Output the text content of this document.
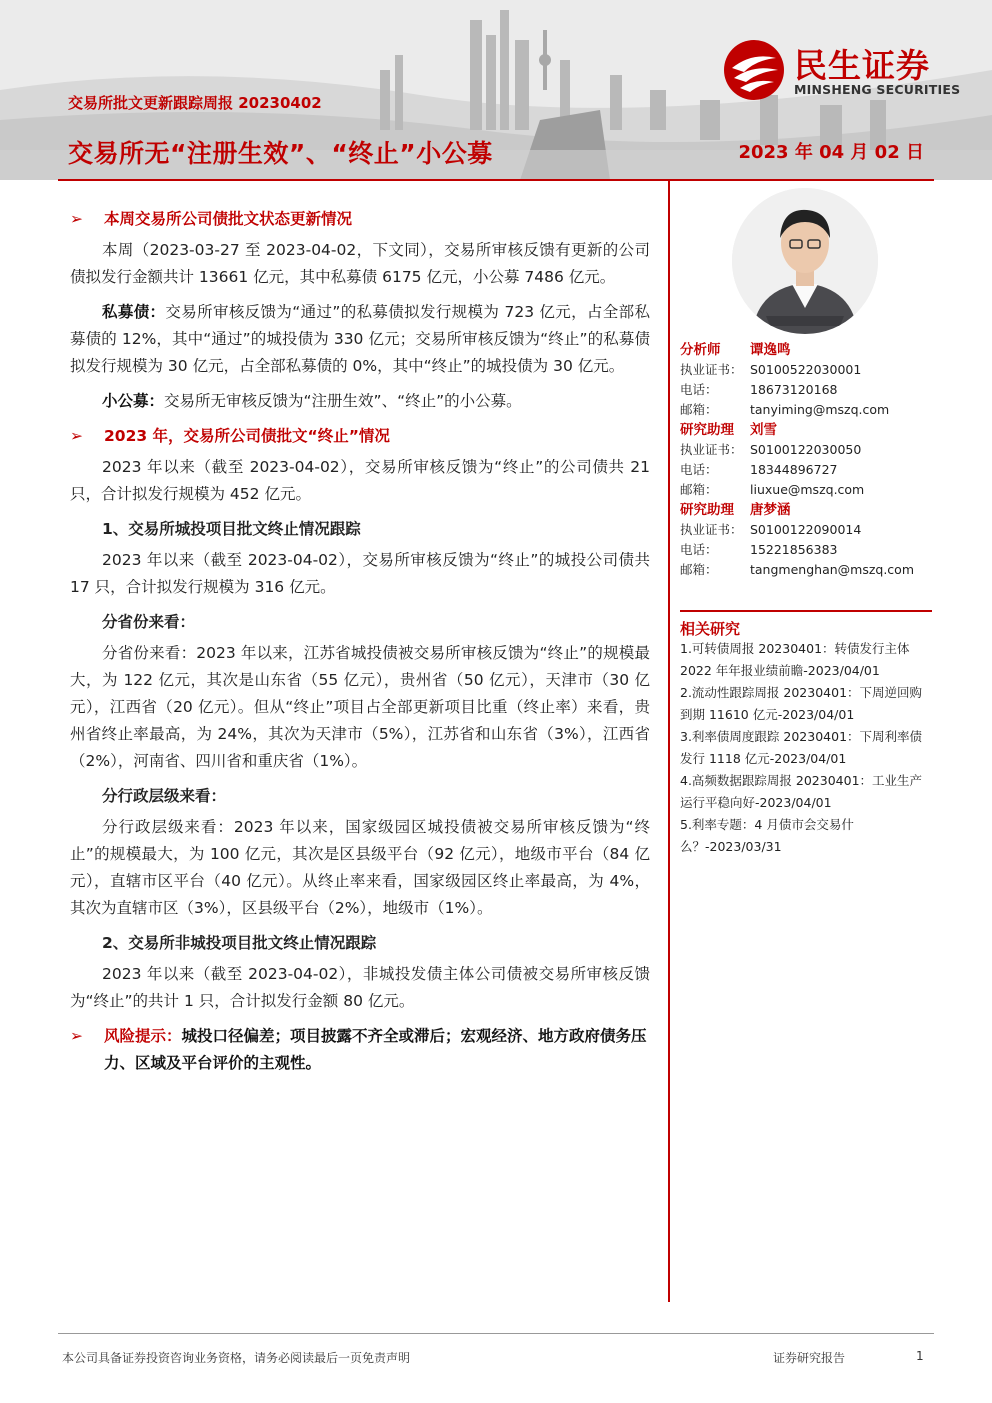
交易所批文更新跟踪周报 20230402
交易所无“注册生效”、“终止”小公募	2023 年 04 月 02 日
民生证券
MINSHENG SECURITIES
➢ 本周交易所公司债批文状态更新情况
本周（2023-03-27 至 2023-04-02，下文同），交易所审核反馈有更新的公司债拟发行金额共计 13661 亿元，其中私募债 6175 亿元，小公募 7486 亿元。
私募债：交易所审核反馈为“通过”的私募债拟发行规模为 723 亿元，占全部私募债的 12%，其中“通过”的城投债为 330 亿元；交易所审核反馈为“终止”的私募债拟发行规模为 30 亿元，占全部私募债的 0%，其中“终止”的城投债为 30 亿元。
小公募：交易所无审核反馈为“注册生效”、“终止”的小公募。
➢ 2023 年，交易所公司债批文“终止”情况
2023 年以来（截至 2023-04-02），交易所审核反馈为“终止”的公司债共 21 只，合计拟发行规模为 452 亿元。
1、交易所城投项目批文终止情况跟踪
2023 年以来（截至 2023-04-02），交易所审核反馈为“终止”的城投公司债共 17 只，合计拟发行规模为 316 亿元。
分省份来看：
分省份来看：2023 年以来，江苏省城投债被交易所审核反馈为“终止”的规模最大，为 122 亿元，其次是山东省（55 亿元），贵州省（50 亿元），天津市（30 亿元），江西省（20 亿元）。但从“终止”项目占全部更新项目比重（终止率）来看，贵州省终止率最高，为 24%，其次为天津市（5%），江苏省和山东省（3%），江西省（2%），河南省、四川省和重庆省（1%）。
分行政层级来看：
分行政层级来看：2023 年以来，国家级园区城投债被交易所审核反馈为“终止”的规模最大，为 100 亿元，其次是区县级平台（92 亿元），地级市平台（84 亿元），直辖市区平台（40 亿元）。从终止率来看，国家级园区终止率最高，为 4%，其次为直辖市区（3%），区县级平台（2%），地级市（1%）。
2、交易所非城投项目批文终止情况跟踪
2023 年以来（截至 2023-04-02），非城投发债主体公司债被交易所审核反馈为“终止”的共计 1 只，合计拟发行金额 80 亿元。
➢ 风险提示：城投口径偏差；项目披露不齐全或滞后；宏观经济、地方政府债务压力、区域及平台评价的主观性。
分析师	谭逸鸣
执业证书： S0100522030001
电话：	18673120168
邮箱：	tanyiming@mszq.com
研究助理	刘雪
执业证书： S0100122030050
电话：	18344896727
邮箱：	liuxue@mszq.com
研究助理	唐梦涵
执业证书： S0100122090014
电话：	15221856383
邮箱：	tangmenghan@mszq.com
相关研究
1.可转债周报 20230401：转债发行主体 2022 年年报业绩前瞻-2023/04/01
2.流动性跟踪周报 20230401：下周逆回购到期 11610 亿元-2023/04/01
3.利率债周度跟踪 20230401：下周利率债发行 1118 亿元-2023/04/01
4.高频数据跟踪周报 20230401：工业生产运行平稳向好-2023/04/01
5.利率专题：4 月债市会交易什么？-2023/03/31
本公司具备证券投资咨询业务资格，请务必阅读最后一页免责声明	证券研究报告	1
